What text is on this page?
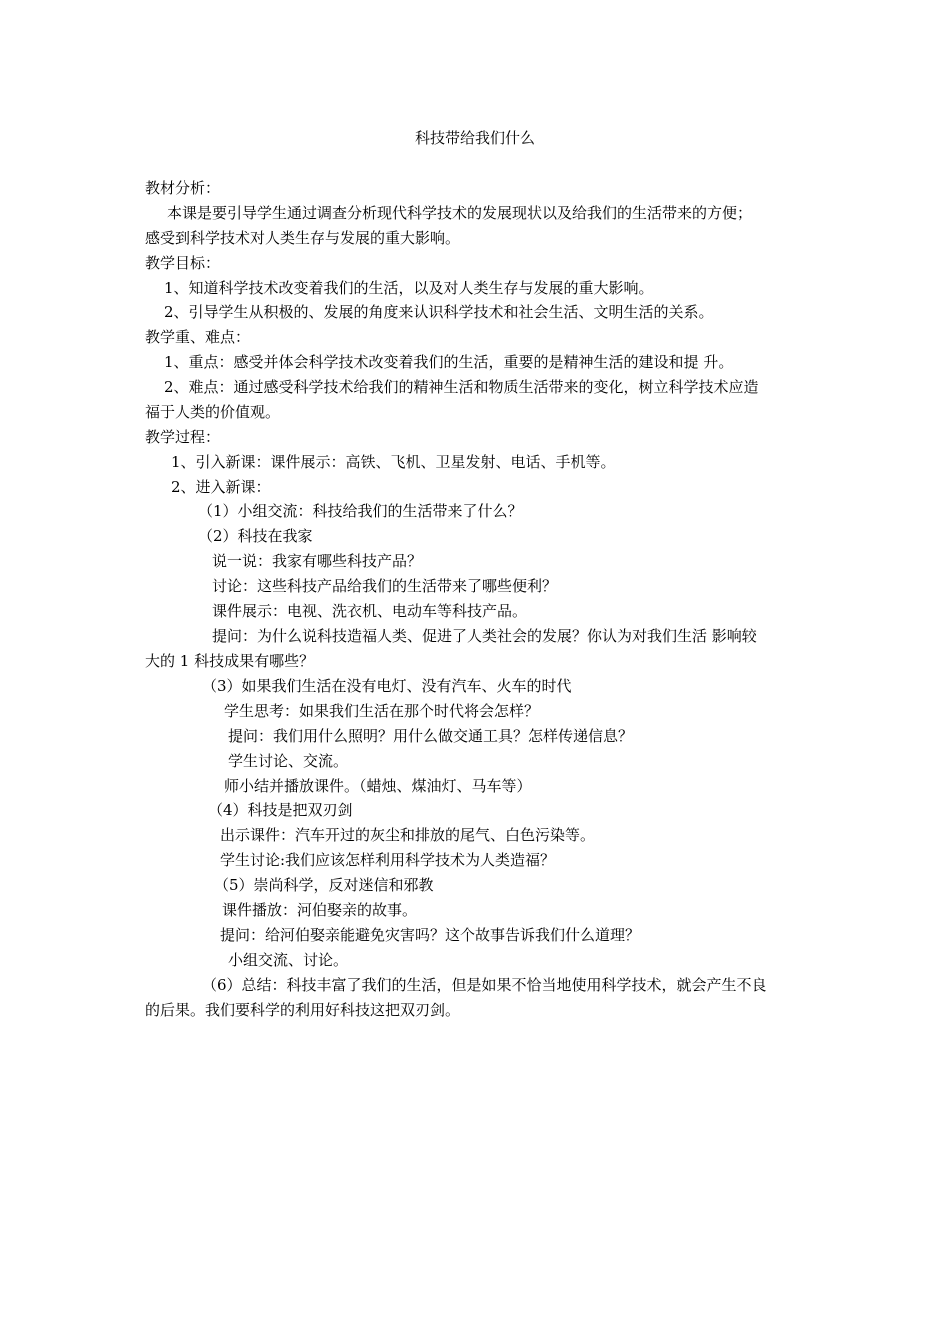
科技带给我们什么
教材分析：
本课是要引导学生通过调查分析现代科学技术的发展现状以及给我们的生活带来的方便；
感受到科学技术对人类生存与发展的重大影响。
教学目标：
1、知道科学技术改变着我们的生活，以及对人类生存与发展的重大影响。
2、引导学生从积极的、发展的角度来认识科学技术和社会生活、文明生活的关系。
教学重、难点：
1、重点：感受并体会科学技术改变着我们的生活，重要的是精神生活的建设和提 升。
2、难点：通过感受科学技术给我们的精神生活和物质生活带来的变化，树立科学技术应造
福于人类的价值观。
教学过程：
1、引入新课：课件展示：高铁、飞机、卫星发射、电话、手机等。
2、进入新课：
（1）小组交流：科技给我们的生活带来了什么？
（2）科技在我家
说一说：我家有哪些科技产品？
讨论：这些科技产品给我们的生活带来了哪些便利？
课件展示：电视、洗衣机、电动车等科技产品。
提问：为什么说科技造福人类、促进了人类社会的发展？你认为对我们生活 影响较
大的 1 科技成果有哪些？
（3）如果我们生活在没有电灯、没有汽车、火车的时代
学生思考：如果我们生活在那个时代将会怎样？
提问：我们用什么照明？用什么做交通工具？怎样传递信息？
学生讨论、交流。
师小结并播放课件。（蜡烛、煤油灯、马车等）
（4）科技是把双刃剑
出示课件：汽车开过的灰尘和排放的尾气、白色污染等。
学生讨论:我们应该怎样利用科学技术为人类造福？
（5）崇尚科学，反对迷信和邪教
课件播放：河伯娶亲的故事。
提问：给河伯娶亲能避免灾害吗？这个故事告诉我们什么道理？
小组交流、讨论。
（6）总结：科技丰富了我们的生活，但是如果不恰当地使用科学技术，就会产生不良
的后果。我们要科学的利用好科技这把双刃剑。
